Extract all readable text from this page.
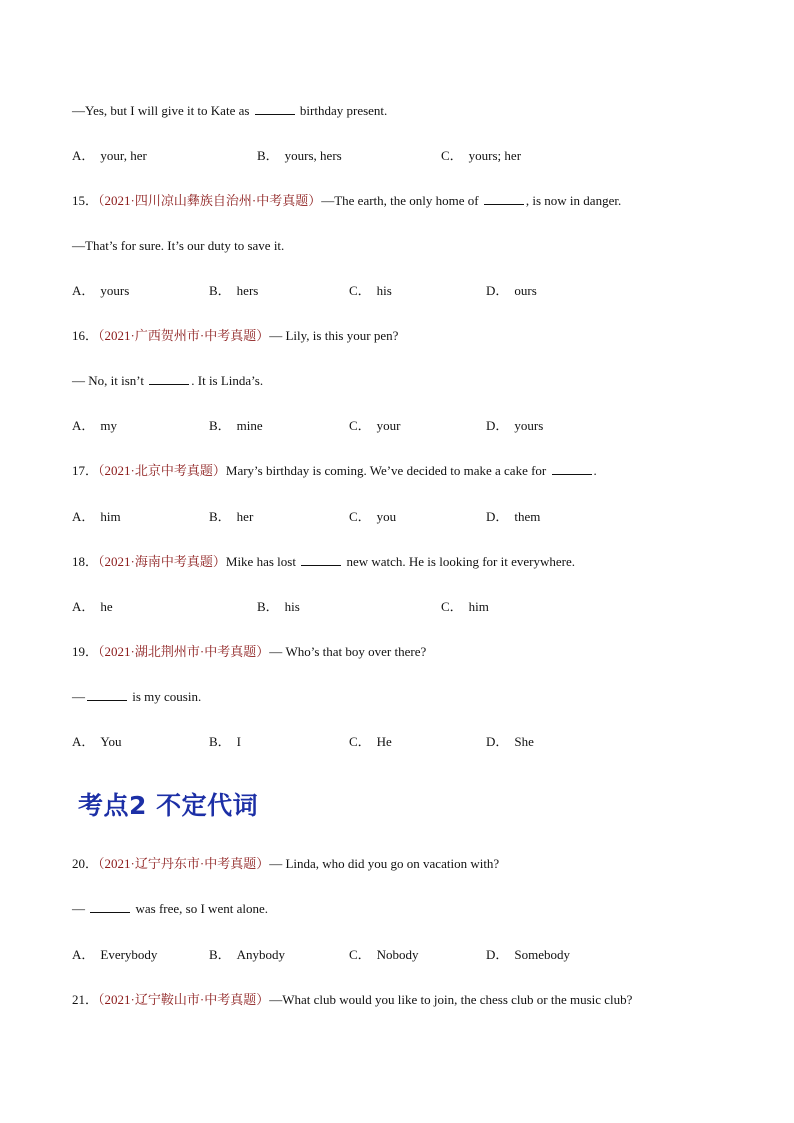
—Yes, but I will give it to Kate as	birthday present.
A． your, her	B． yours, hers	C． yours; her
15．（2021·四川凉山彝族自治州·中考真题）—The earth, the only home of	, is now in danger.
—That’s for sure. It’s our duty to save it.
A． yours	B． hers	C． his	D． ours
16．（2021·广西贺州市·中考真题）— Lily, is this your pen?
— No, it isn’t	. It is Linda’s.
A． my	B． mine	C． your	D． yours
17．（2021·北京中考真题）Mary’s birthday is coming. We’ve decided to make a cake for	.
A． him	B． her	C． you	D． them
18．（2021·海南中考真题）Mike has lost	new watch. He is looking for it everywhere.
A． he	B． his	C． him
19．（2021·湖北荆州市·中考真题）— Who’s that boy over there?
—	is my cousin.
A． You	B． I	C． He	D． She
考点2 不定代词
20．（2021·辽宁丹东市·中考真题）— Linda, who did you go on vacation with?
—	was free, so I went alone.
A． Everybody	B． Anybody	C． Nobody	D． Somebody
21．（2021·辽宁鞍山市·中考真题）—What club would you like to join, the chess club or the music club?
